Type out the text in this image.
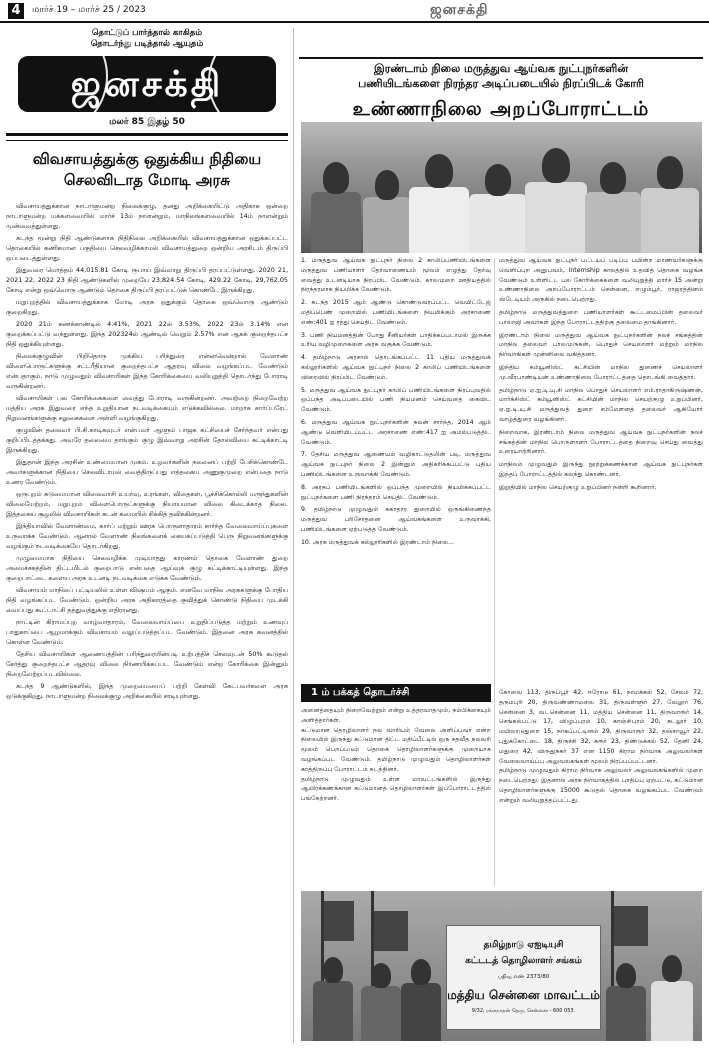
4	மார்ச் 19 – மார்ச் 25 / 2023	ஜனசக்தி
தொட்டுப் பார்த்தால் காகிதம்
தொடர்ந்து படித்தால் ஆயுதம்
ஜனசக்தி
மலர் 85 இதழ் 50
விவசாயத்துக்கு ஒதுக்கிய நிதியை செலவிடாத மோடி அரசு

விவசாயத்துக்கான நாடாளுமன்ற நிலைக்குழு, தனது அறிக்கையிட்டு அதிகாக ஒன்றை நாடாளுமன்ற மக்களவையில் மார்ச் 13ம் நாளன்றும், மாநிலங்களவையில் 14ம் நாளன்றும் முன்வைத்துள்ளது.

கடந்த மூன்று நிதி ஆண்டுகளாக நிதிநிலை அறிக்கையில் விவசாயத்துக்கான ஒதுக்கப்பட்ட தொகையில் கணிசமான பகுதியை செலவழிக்காமல் விவசாயத்துறை ஒன்றிய அரசிடம் திருப்பி ஒப்படைத்துள்ளது.

இதுவரை மொத்தம் 44,015.81 கோடி ரூபாய் இவ்வாறு திருப்பி தரப்பட்டுள்ளது. 2020 21, 2021 22, 2022 23 நிதி ஆண்டுகளில் முறையே 23,824.54 கோடி, 429.22 கோடி, 29,762.05 கோடி என்று ஒவ்வொரு ஆண்டும் தொகை திருப்பி தரப்பட்டுக் கொண்டே இருக்கிறது.

மறுபுறத்தில் விவசாயத்துக்காக மோடி அரசு ஒதுக்கும் தொகை ஒவ்வொரு ஆண்டும் குறைகிறது.

2020 21ம் கணக்காண்டில் 4.41%, 2021 22ல் 3.53%, 2022 23ல் 3.14% என குறைக்கப்பட்டு வந்துள்ளது. இந்த 202324ல் ஆண்டில் வெறும் 2.57% என ஆகக் குறைந்தபட்ச நிதி ஒதுக்கியுள்ளது.

நிலைக்குழுவின் பிறிதொரு முக்கிய பரிந்துரை என்னவென்றால் வேளாண் விளைபொருட்களுக்கு சட்டரீதியான குறைந்தபட்ச ஆதரவு விலை வழங்கப்பட வேண்டும் என்பதாகும். நாடு முழுவதும் விவசாயிகள் இந்த கோரிக்கையை வலியுறுத்தி தொடர்ந்து போராடி வருகின்றனர்.

விவசாயிகள் பல கோரிக்கைகளை வைத்து போராடி வருகின்றனர். அவற்றை நிறைவேற்ற மத்திய அரசு இதுவரை எந்த உறுதியான நடவடிக்கையும் எடுக்கவில்லை. மாறாக கார்ப்பரேட் நிறுவனங்களுக்கு சலுகைகளை அள்ளி வழங்குகிறது.

குழுவின் தலைவர் பி.சி.காடிகவுடர் என்பவர் ஆளும் பாஜக கட்சியைச் சேர்ந்தவர் என்பது குறிப்பிடத்தக்கது. அவரே தலைமை தாங்கும் குழு இவ்வாறு அரசின் தோல்வியை சுட்டிக்காட்டி இருக்கிறது.

இதுதான் இந்த அரசின் உண்மையான முகம். உழவர்களின் நலனைப் பற்றி பேசிக்கொண்டே அவர்களுக்கான நிதியை செலவிடாமல் வைத்திருப்பது எத்தகைய அணுகுமுறை என்பதை நாடு உணர வேண்டும்.

ஒருபுறம் கடுமையான விலைவாசி உயர்வு, உரங்கள், விதைகள், பூச்சிக்கொல்லி மருந்துகளின் விலையேற்றம், மறுபுறம் விளைபொருட்களுக்கு நியாயமான விலை கிடைக்காத நிலை. இத்தகைய சூழலில் விவசாயிகள் கடன் சுமையில் சிக்கித் தவிக்கின்றனர்.

இந்தியாவில் வேளாண்மை, கார்ப் மற்றும் ஊரக பொருளாதாரம் சார்ந்த வேலைவாய்ப்புகளை உருவாக்க வேண்டும். ஆனால் வேளாண் நிலங்களைக் கையகப்படுத்தி பெரு நிறுவனங்களுக்கு வழங்கும் நடவடிக்கையே தொடர்கிறது.

முழுமையாக நிதியை செலவழிக்க முடியாதது காரணம் தொகை வேளாண் துறை அமைச்சகத்தின் திட்டமிடல் குறைபாடு என்பதை ஆய்வுக் குழு சுட்டிக்காட்டியுள்ளது. இந்த குறைபாட்டை களைய அரசு உடனடி நடவடிக்கை எடுக்க வேண்டும்.

விவசாயம் மாநிலப் பட்டியலில் உள்ள விஷயம் ஆகும். எனவே மாநில அரசுகளுக்கு போதிய நிதி வழங்கப்பட வேண்டும். ஒன்றிய அரசு அதிகாரத்தை குவித்துக் கொண்டு நிதியை முடக்கி வைப்பது கூட்டாட்சி தத்துவத்துக்கு எதிரானது.

நாட்டின் கிராமப்புற வாழ்வாதாரம், வேலைவாய்ப்பை உறுதிப்படுத்த மற்றும் உணவுப் பாதுகாப்பை ஆழமாக்கும் விவசாயம் வலுப்படுத்தப்பட வேண்டும். இதனை அரசு கவனத்தில் கொள்ள வேண்டும்.

தேசிய விவசாயிகள் ஆணையத்தின் பரிந்துரையின்படி உற்பத்திச் செலவுடன் 50% கூடுதல் சேர்த்து குறைந்தபட்ச ஆதரவு விலை நிர்ணயிக்கப்பட வேண்டும் என்ற கோரிக்கை இன்னும் நிறைவேற்றப்படவில்லை.

கடந்த 9 ஆண்டுகளில், இந்த முறைமையைப் பற்றி கேள்வி கேட்பவர்களை அரசு ஒடுக்குகிறது. நாடாளுமன்ற நிலைக்குழு அறிக்கையில் சாடியுள்ளது.

இரண்டாம் நிலை மருத்துவ ஆய்வக நுட்புநர்களின்
பணியிடங்களை நிரந்தர அடிப்படையில் நிரப்பிடக் கோரி
உண்ணாநிலை அறப்போராட்டம்

1. மருத்துவ ஆய்வக நுட்புநர் நிலை 2 காலிப்பணியிடங்களை மருத்துவ பணியாளர் தேர்வாணையம் மூலம் எழுத்து தேர்வு வைத்து உடனடியாக நிரப்பிட வேண்டும். காலமுறை ஊதியத்தில் நிரந்தரமாக நியமிக்க வேண்டும்.

2. கடந்த 2015 ஆம் ஆண்டு கொண்டுவரப்பட்ட வெயிட்டேஜ் மதிப்பெண் முறையில் பணியிடங்களை நியமிக்கும் அரசாணை எண்:401 ஐ ரத்து செய்திட வேண்டும்.

3. பணி நியமனத்தின் போது சீனியர்கள் பாதிக்கப்படாமல் இருக்க உரிய வழிமுறைகளை அரசு வகுக்க வேண்டும்.

4. தமிழ்நாடு அரசால் தொடங்கப்பட்ட 11 புதிய மருத்துவக் கல்லூரிகளில் ஆய்வக நுட்புநர் நிலை 2 காலிப் பணியிடங்களை விரைவில் நிரப்பிட வேண்டும்.

5. மருத்துவ ஆய்வக நுட்புநர் காலிப் பணியிடங்களை நிரப்புவதில் ஒப்பந்த அடிப்படையில் பணி நியமனம் செய்வதை கைவிட வேண்டும்.

6. மருத்துவ ஆய்வக நுட்புநர்களின் நலன் சார்ந்த, 2014 ஆம் ஆண்டு வெளியிடப்பட்ட அரசாணை எண்:417 ஐ அமல்படுத்திட வேண்டும்.

7. தேசிய மருத்துவ ஆணையம் வழிகாட்டுதலின் படி, மருத்துவ ஆய்வக நுட்புநர் நிலை 2 இன்னும் அதிகரிக்கப்பட்டு புதிய பணியிடங்களை உருவாக்கி வேண்டும்.

8. அரசுப் பணியிடங்களில் ஒப்பந்த முறையில் நியமிக்கப்பட்ட நுட்புநர்களை பணி நிரந்தரம் செய்திட வேண்டும்.

9. தமிழ்நாடு முழுவதும் சுகாதார துறையில் ஒருங்கிணைந்த மருத்துவ பரிசோதனை ஆய்வகங்களை உருவாக்கி, பணியிடங்களை ஏற்படுத்த வேண்டும்.

10. அரசு மருத்துவக் கல்லூரிகளில் இரண்டாம் நிலை...

மருத்துவ ஆய்வக நுட்புநர் பட்டயப் படிப்பு பயின்ற மாணவர்களுக்கு வெளிப்புற அனுபவம், Internship காலத்தில் உதவித் தொகை வழங்க வேண்டும் உள்ளிட்ட பல கோரிக்கைகளை வலியுறுத்தி மார்ச் 15 அன்று உண்ணாநிலை அறப்போராட்டம் சென்னை, எழும்பூர், ராஜரத்தினம் ஸ்டேடியம் அருகில் நடைபெற்றது.

தமிழ்நாடு மருத்துவத்துறை பணியாளர்கள் கூட்டமைப்பின் தலைவர் பாலாஜி அவர்கள் இந்த போராட்டத்திற்கு தலைமை தாங்கினார்.

இரண்டாம் நிலை மருத்துவ ஆய்வக நுட்புநர்களின் நலச் சங்கத்தின் மாநில தலைவர் பாலமுருகன், பொதுச் செயலாளர் மற்றும் மாநில நிர்வாகிகள் முன்னிலை வகித்தனர்.

இந்திய கம்யூனிஸ்ட் கட்சியின் மாநில துணைச் செயலாளர் மு.வீரபாண்டியன் உண்ணாநிலை போராட்டத்தை தொடங்கி வைத்தார்.

தமிழ்நாடு ஏ.ஐ.டி.யு.சி மாநில பொதுச் செயலாளர் எம்.ராதாகிருஷ்ணன், மார்க்சிஸ்ட் கம்யூனிஸ்ட் கட்சியின் மாநில செயற்குழு உறுப்பினர், ஏ.ஐ.டி.யு.சி மருத்துவத் துறை சம்மேளனத் தலைவர் ஆகியோர் வாழ்த்துரை வழங்கினர்.

நிறைவாக, இரண்டாம் நிலை மருத்துவ ஆய்வக நுட்புநர்களின் நலச் சங்கத்தின் மாநில பொருளாளர் போராட்டத்தை நிறைவு செய்து வைத்து உரையாற்றினார்.

மாநிலம் முழுவதும் இருந்து நூற்றுக்கணக்கான ஆய்வக நுட்புநர்கள் இந்தப் போராட்டத்தில் கலந்து கொண்டனர்.

இறுதியில் மாநில செயற்குழு உறுப்பினர் நன்றி கூறினார்.

1 ம் பக்கத் தொடர்ச்சி

அனைத்தையும் நிறைவேற்றும் என்று உத்தரவாதமும், நம்பிக்கையும் அளித்தார்கள்.

கட்டுமான தொழிலாளர் நல வாரியம் வேலை அளிப்பவர் என்ற நிலையில் இருந்து கட்டுமான திட்ட மதிப்பீட்டில் ஒரு சதவீத நலவரி மூலம் பெறப்படும் தொகை தொழிலாளர்களுக்கு முறையாக வழங்கப்பட வேண்டும். தமிழ்நாடு முழுவதும் தொழிலாளர்கள் காத்திருப்பு போராட்டம் நடத்தினர்.

தமிழ்நாடு முழுவதும் உள்ள மாவட்டங்களில் இருந்து ஆயிரக்கணக்கான கட்டுமானத் தொழிலாளர்கள் இப்போராட்டத்தில் பங்கேற்றனர்.

கோவை 113, திருப்பூர் 42, ஈரோடு 61, நாமக்கல் 52, சேலம் 72, தருமபுரி 20, திருவண்ணாமலை 31, திருவள்ளூர் 27, வேலூர் 76, சென்னை 3, வடசென்னை 11, மத்திய சென்னை 11, திருவாரூர் 14, செங்கல்பட்டு 17, விழுப்புரம் 10, காஞ்சிபுரம் 20, கடலூர் 10, மயிலாடுதுறை 15, நாகப்பட்டினம் 29, திருவாரூர் 32, தஞ்சாவூர் 22, புதுக்கோட்டை 18, திருச்சி 32, கரூர் 23, திண்டுக்கல் 52, தேனி 24, மதுரை 42, விருதுநகர் 37 என 1150 கிராம நிர்வாக அலுவலர்கள் வேலைவாய்ப்பு அலுவலகங்கள் மூலம் நிரப்பப்பட்டனர்.

தமிழ்நாடு முழுவதும் கிராம நிர்வாக அலுவலர் அலுவலகங்களில் முறை நடைபெற்றது. இதனால் அரசு நிர்வாகத்தில் பாதிப்பு ஏற்பட்டு, கட்டுமான தொழிலாளர்களுக்கு 15000 கூடுதல் தொகை வழங்கப்பட வேண்டும் என்றும் வலியுறுத்தப்பட்டது.

தமிழ்நாடு ஏஐடியுசி
கட்டடத் தொழிலாளர் சங்கம்
பதிவு எண் 2373/80
மத்திய சென்னை மாவட்டம்
9/32, ரங்கநாதன் தெரு, சென்னை - 600 053.
